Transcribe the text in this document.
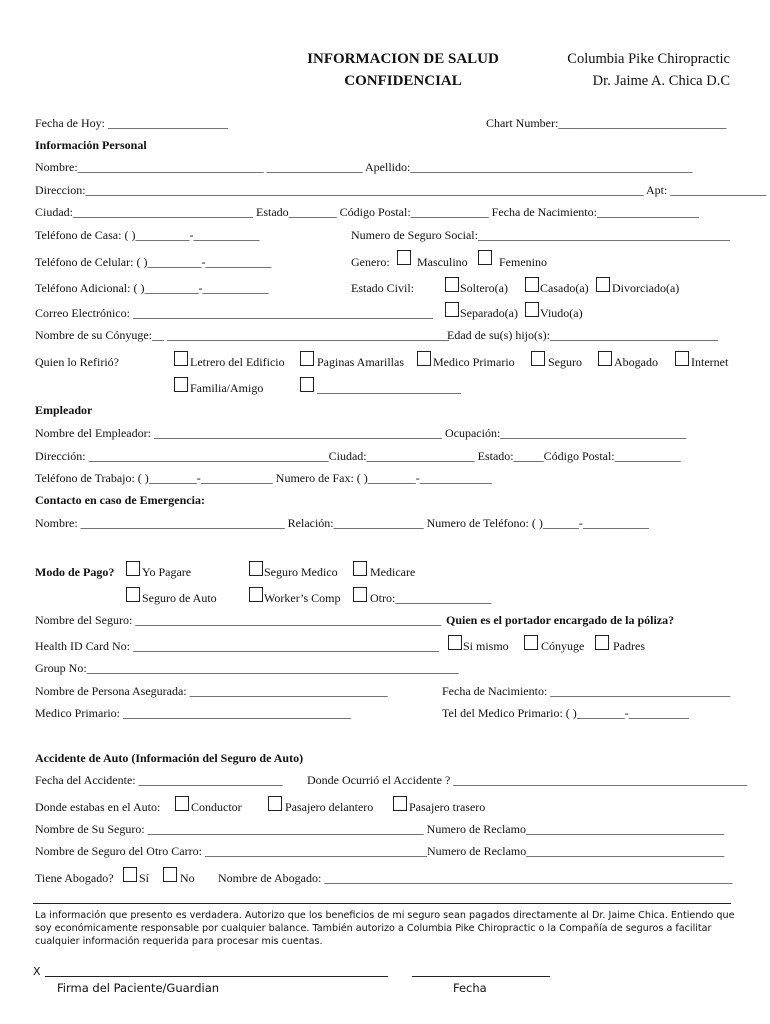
INFORMACION DE SALUD
CONFIDENCIAL
Columbia Pike Chiropractic
Dr. Jaime A. Chica D.C
Fecha de Hoy: ____________________	Chart Number:____________________________
Información Personal
Nombre:_______________________________ ________________ Apellido:_______________________________________________
Direccion:_____________________________________________________________________________________________ Apt: ________________
Ciudad:______________________________ Estado________ Código Postal:_____________ Fecha de Nacimiento:_________________
Teléfono de Casa: ( )_________-___________	Numero de Seguro Social:__________________________________________
Teléfono de Celular: ( )_________-___________	Genero: Masculino	Femenino
Teléfono Adicional: ( )_________-___________	Estado Civil:	Soltero(a)	Casado(a) Divorciado(a)
Correo Electrónico: __________________________________________________ Separado(a) Viudo(a)
Nombre de su Cónyuge:__ _______________________________________________
Edad de su(s) hijo(s):____________________________
Quien lo Refirió?	Letrero del Edificio	Paginas Amarillas Medico Primario	Seguro	Abogado	Internet
Familia/Amigo	________________________
Empleador
Nombre del Empleador: ________________________________________________ Ocupación:_______________________________
Dirección: ________________________________________Ciudad:__________________ Estado:_____Código Postal:___________
Teléfono de Trabajo: ( )________-____________ Numero de Fax: ( )________-____________
Contacto en caso de Emergencia:
Nombre: __________________________________ Relación:_______________ Numero de Teléfono: ( )______-___________
Modo de Pago? Yo Pagare	Seguro Medico	Medicare
Seguro de Auto	Worker’s Comp Otro:________________
Nombre del Seguro: ___________________________________________________ Quien es el portador encargado de la póliza?
Health ID Card No: ___________________________________________________ Si mismo	Cónyuge Padres
Group No:______________________________________________________________
Nombre de Persona Asegurada: _________________________________	Fecha de Nacimiento: ______________________________
Medico Primario: ______________________________________	Tel del Medico Primario: ( )________-__________
Accidente de Auto (Información del Seguro de Auto)
Fecha del Accidente: ________________________ Donde Ocurrió el Accidente ? _________________________________________________
Donde estabas en el Auto:	Conductor	Pasajero delantero	Pasajero trasero
Nombre de Su Seguro: ______________________________________________ Numero de Reclamo_________________________________
Nombre de Seguro del Otro Carro: _____________________________________Numero de Reclamo_________________________________
Tiene Abogado? Sí	No Nombre de Abogado: ____________________________________________________________________
La información que presento es verdadera. Autorizo que los beneficios de mi seguro sean pagados directamente al Dr. Jaime Chica. Entiendo que
soy económicamente responsable por cualquier balance. También autorizo a Columbia Pike Chiropractic o la Compañía de seguros a facilitar
cualquier información requerida para procesar mis cuentas.
X
Firma del Paciente/Guardian	Fecha
